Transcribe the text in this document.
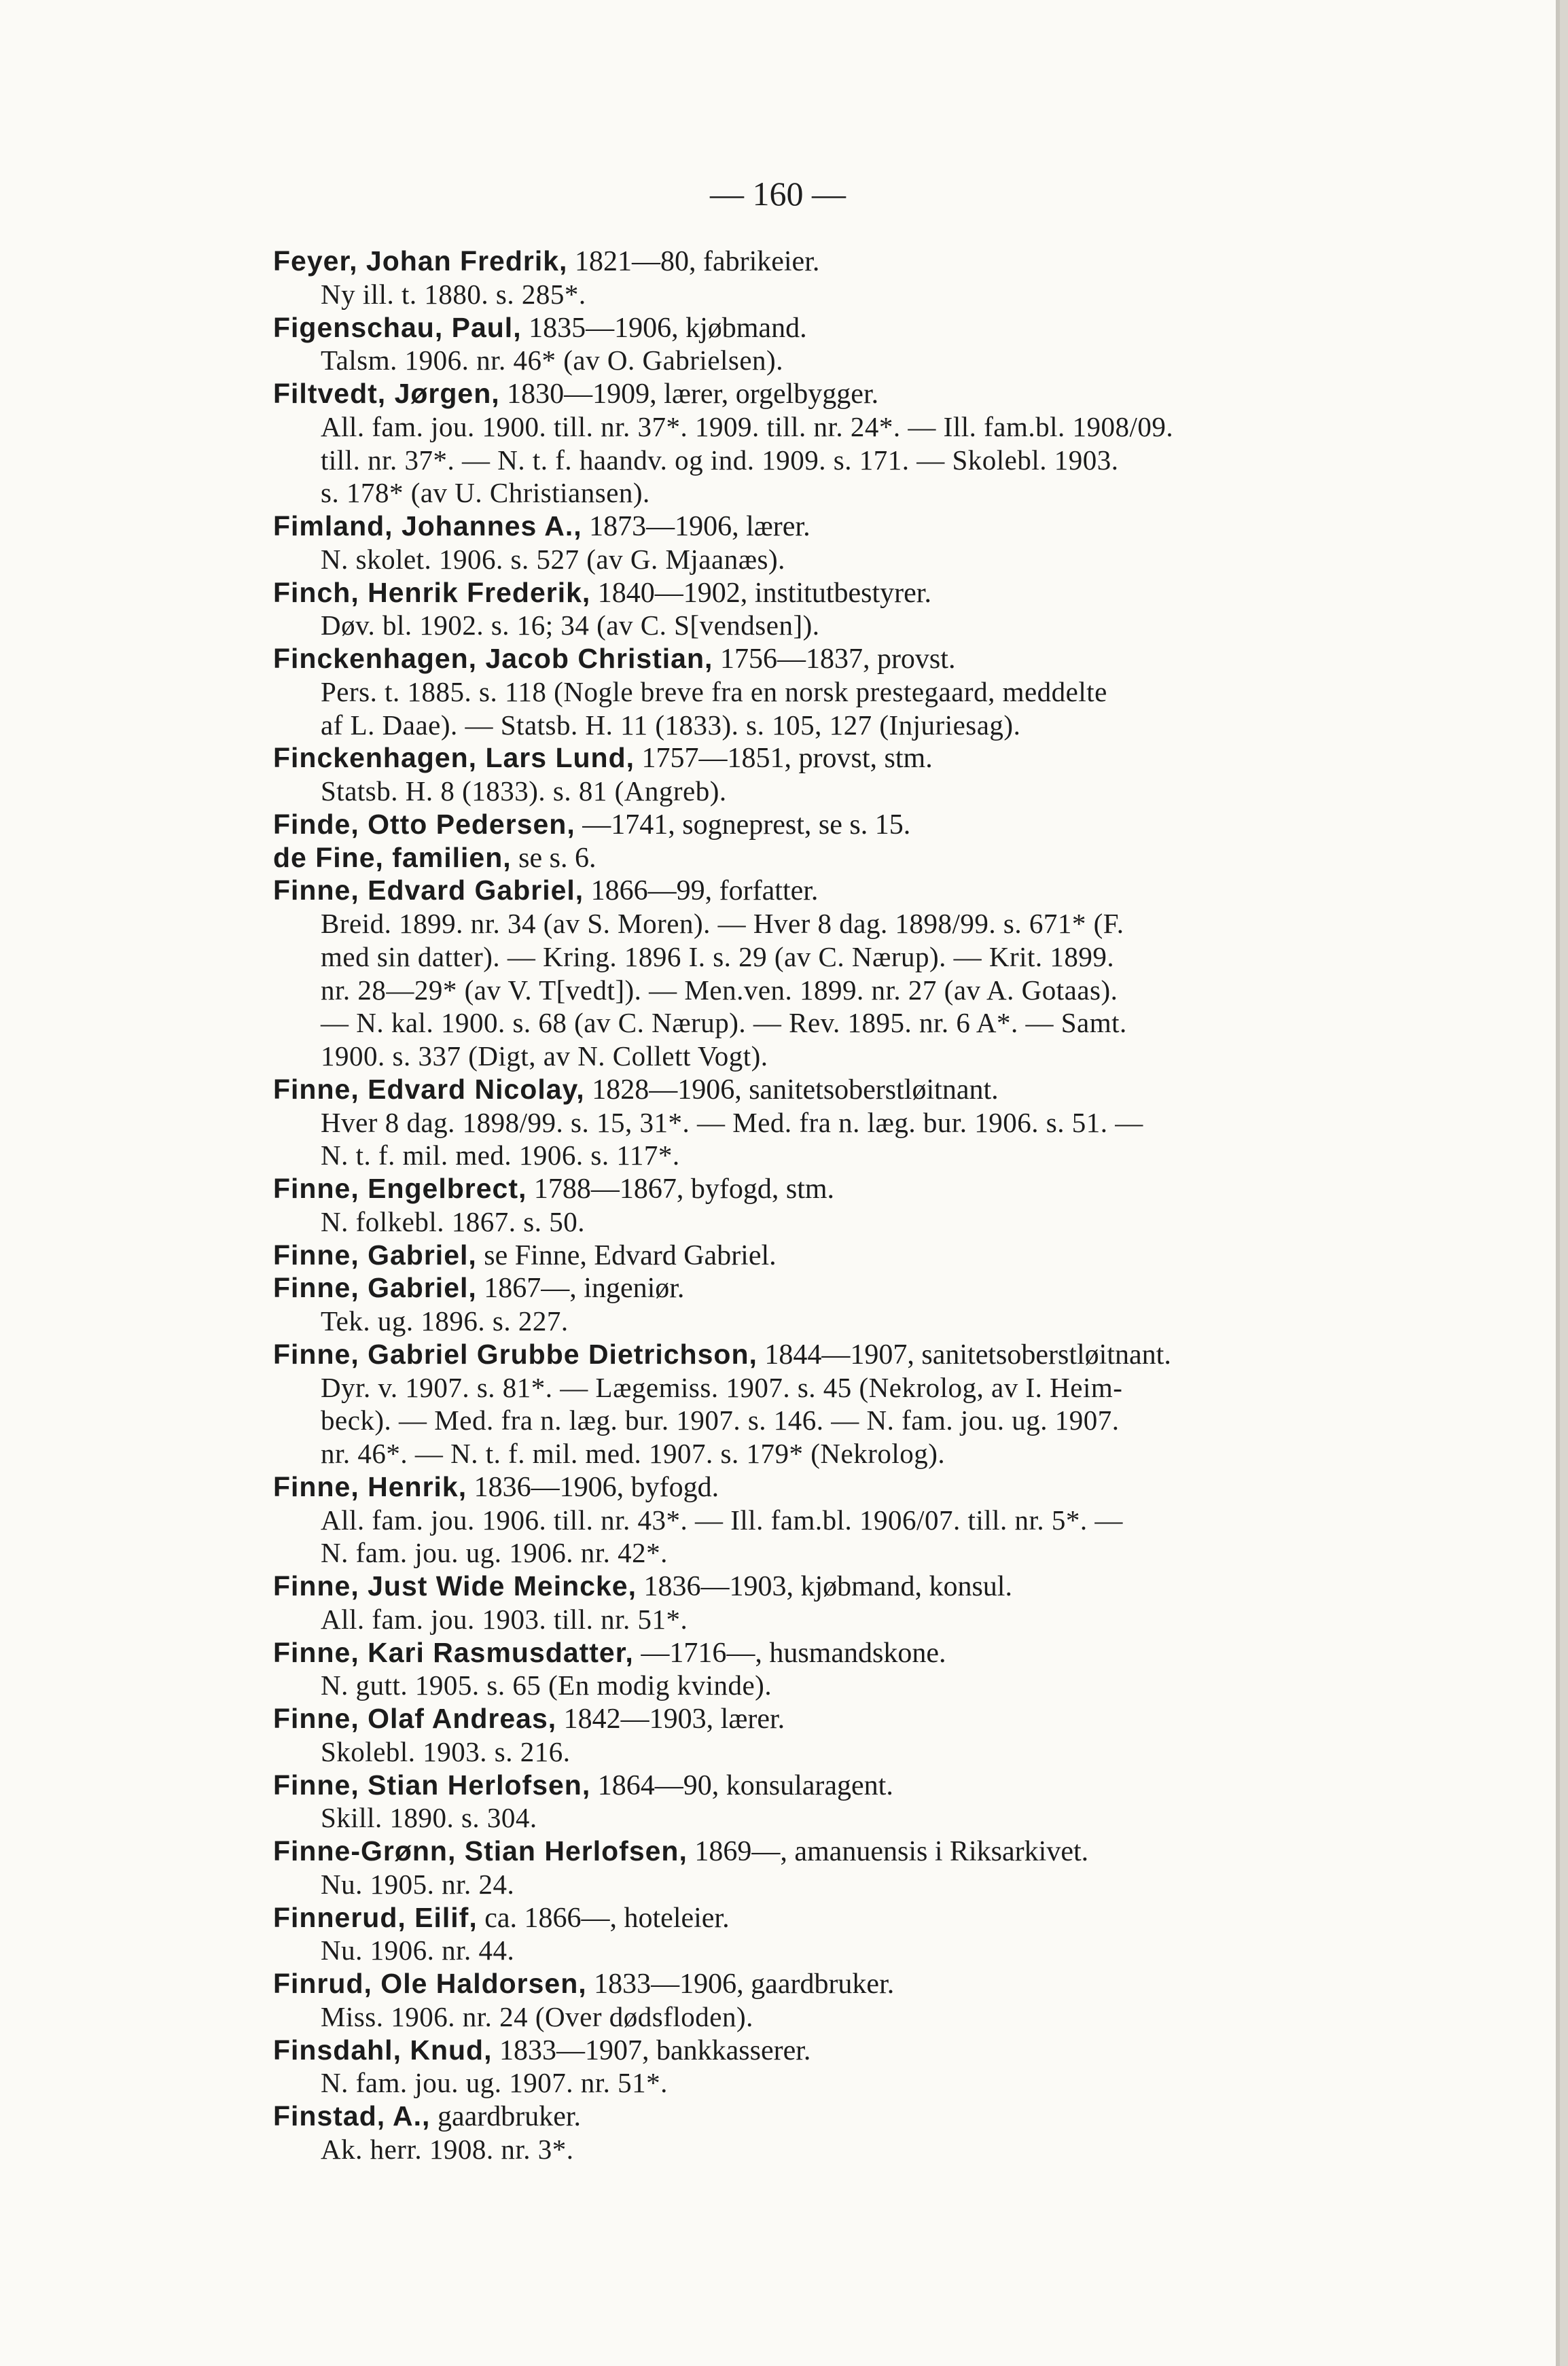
— 160 —
Feyer, Johan Fredrik, 1821—80, fabrikeier.
Ny ill. t. 1880. s. 285*.
Figenschau, Paul, 1835—1906, kjøbmand.
Talsm. 1906. nr. 46* (av O. Gabrielsen).
Filtvedt, Jørgen, 1830—1909, lærer, orgelbygger.
All. fam. jou. 1900. till. nr. 37*. 1909. till. nr. 24*. — Ill. fam.bl. 1908/09.
till. nr. 37*. — N. t. f. haandv. og ind. 1909. s. 171. — Skolebl. 1903.
s. 178* (av U. Christiansen).
Fimland, Johannes A., 1873—1906, lærer.
N. skolet. 1906. s. 527 (av G. Mjaanæs).
Finch, Henrik Frederik, 1840—1902, institutbestyrer.
Døv. bl. 1902. s. 16; 34 (av C. S[vendsen]).
Finckenhagen, Jacob Christian, 1756—1837, provst.
Pers. t. 1885. s. 118 (Nogle breve fra en norsk prestegaard, meddelte
af L. Daae). — Statsb. H. 11 (1833). s. 105, 127 (Injuriesag).
Finckenhagen, Lars Lund, 1757—1851, provst, stm.
Statsb. H. 8 (1833). s. 81 (Angreb).
Finde, Otto Pedersen, —1741, sogneprest, se s. 15.
de Fine, familien, se s. 6.
Finne, Edvard Gabriel, 1866—99, forfatter.
Breid. 1899. nr. 34 (av S. Moren). — Hver 8 dag. 1898/99. s. 671* (F.
med sin datter). — Kring. 1896 I. s. 29 (av C. Nærup). — Krit. 1899.
nr. 28—29* (av V. T[vedt]). — Men.ven. 1899. nr. 27 (av A. Gotaas).
— N. kal. 1900. s. 68 (av C. Nærup). — Rev. 1895. nr. 6 A*. — Samt.
1900. s. 337 (Digt, av N. Collett Vogt).
Finne, Edvard Nicolay, 1828—1906, sanitetsoberstløitnant.
Hver 8 dag. 1898/99. s. 15, 31*. — Med. fra n. læg. bur. 1906. s. 51. —
N. t. f. mil. med. 1906. s. 117*.
Finne, Engelbrect, 1788—1867, byfogd, stm.
N. folkebl. 1867. s. 50.
Finne, Gabriel, se Finne, Edvard Gabriel.
Finne, Gabriel, 1867—, ingeniør.
Tek. ug. 1896. s. 227.
Finne, Gabriel Grubbe Dietrichson, 1844—1907, sanitetsoberstløitnant.
Dyr. v. 1907. s. 81*. — Lægemiss. 1907. s. 45 (Nekrolog, av I. Heim-
beck). — Med. fra n. læg. bur. 1907. s. 146. — N. fam. jou. ug. 1907.
nr. 46*. — N. t. f. mil. med. 1907. s. 179* (Nekrolog).
Finne, Henrik, 1836—1906, byfogd.
All. fam. jou. 1906. till. nr. 43*. — Ill. fam.bl. 1906/07. till. nr. 5*. —
N. fam. jou. ug. 1906. nr. 42*.
Finne, Just Wide Meincke, 1836—1903, kjøbmand, konsul.
All. fam. jou. 1903. till. nr. 51*.
Finne, Kari Rasmusdatter, —1716—, husmandskone.
N. gutt. 1905. s. 65 (En modig kvinde).
Finne, Olaf Andreas, 1842—1903, lærer.
Skolebl. 1903. s. 216.
Finne, Stian Herlofsen, 1864—90, konsularagent.
Skill. 1890. s. 304.
Finne-Grønn, Stian Herlofsen, 1869—, amanuensis i Riksarkivet.
Nu. 1905. nr. 24.
Finnerud, Eilif, ca. 1866—, hoteleier.
Nu. 1906. nr. 44.
Finrud, Ole Haldorsen, 1833—1906, gaardbruker.
Miss. 1906. nr. 24 (Over dødsfloden).
Finsdahl, Knud, 1833—1907, bankkasserer.
N. fam. jou. ug. 1907. nr. 51*.
Finstad, A., gaardbruker.
Ak. herr. 1908. nr. 3*.
